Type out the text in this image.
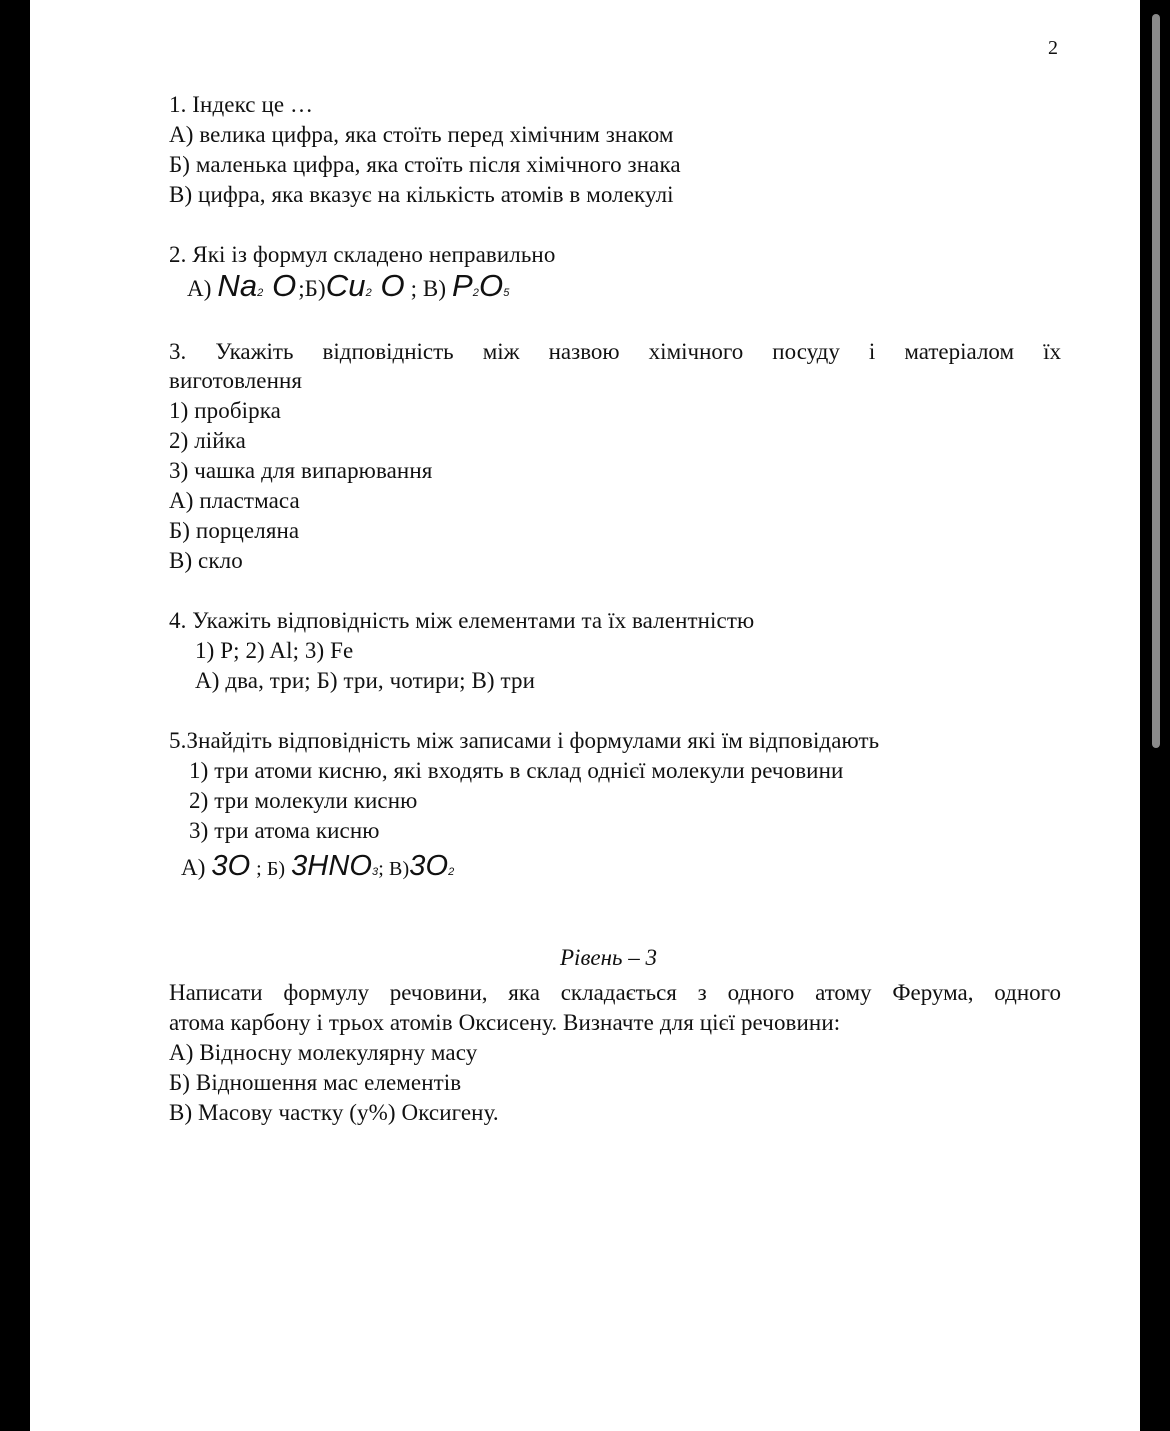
2
1. Індекс це …
А) велика цифра, яка стоїть перед хімічним знаком
Б) маленька цифра, яка стоїть після хімічного знака
В) цифра, яка вказує на кількість атомів в молекулі
2. Які із формул складено неправильно
А) Na2 O ;Б)Cu2 O ; В) P2O5
3. Укажіть відповідність між назвою хімічного посуду і матеріалом їх
виготовлення
1) пробірка
2) лійка
3) чашка для випарювання
А) пластмаса
Б) порцеляна
В) скло
4. Укажіть відповідність між елементами та їх валентністю
1) P; 2) Al; 3) Fe
А) два, три; Б) три, чотири; В) три
5.Знайдіть відповідність між записами і формулами які їм відповідають
1) три атоми кисню, які входять в склад однієї молекули речовини
2) три молекули кисню
3) три атома кисню
А) 3O ; Б) 3HNO3; В)3O2
Рівень – 3
Написати формулу речовини, яка складається з одного атому Ферума, одного
атома карбону і трьох атомів Оксисену. Визначте для цієї речовини:
А) Відносну молекулярну масу
Б) Відношення мас елементів
В) Масову частку (у%) Оксигену.
